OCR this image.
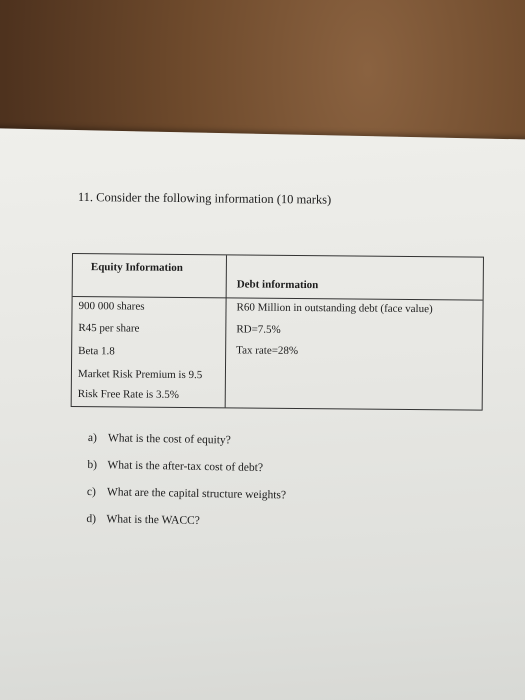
11. Consider the following information (10 marks)
Equity Information
Debt information
900 000 shares
R45 per share
Beta 1.8
Market Risk Premium is 9.5
Risk Free Rate is 3.5%
R60 Million in outstanding debt (face value)
RD=7.5%
Tax rate=28%
a) What is the cost of equity?
b) What is the after-tax cost of debt?
c) What are the capital structure weights?
d) What is the WACC?
